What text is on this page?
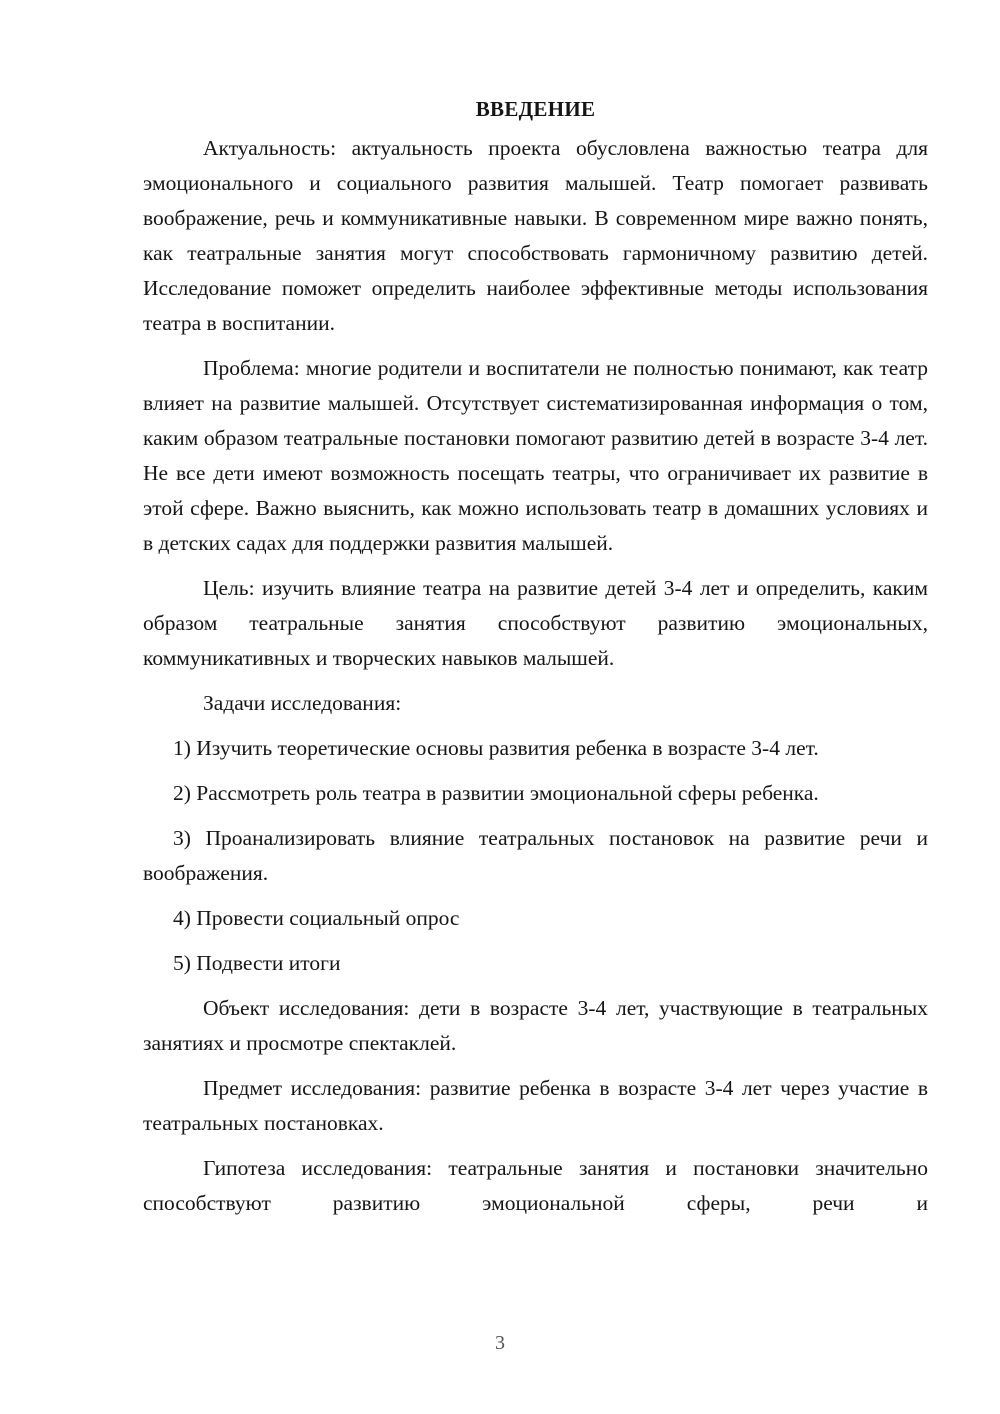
ВВЕДЕНИЕ

Актуальность: актуальность проекта обусловлена важностью театра для эмоционального и социального развития малышей. Театр помогает развивать воображение, речь и коммуникативные навыки. В современном мире важно понять, как театральные занятия могут способствовать гармоничному развитию детей. Исследование поможет определить наиболее эффективные методы использования театра в воспитании.

Проблема: многие родители и воспитатели не полностью понимают, как театр влияет на развитие малышей. Отсутствует систематизированная информация о том, каким образом театральные постановки помогают развитию детей в возрасте 3-4 лет. Не все дети имеют возможность посещать театры, что ограничивает их развитие в этой сфере. Важно выяснить, как можно использовать театр в домашних условиях и в детских садах для поддержки развития малышей.

Цель: изучить влияние театра на развитие детей 3-4 лет и определить, каким образом театральные занятия способствуют развитию эмоциональных, коммуникативных и творческих навыков малышей.

Задачи исследования:

1) Изучить теоретические основы развития ребенка в возрасте 3-4 лет.

2) Рассмотреть роль театра в развитии эмоциональной сферы ребенка.

3) Проанализировать влияние театральных постановок на развитие речи и воображения.

4) Провести социальный опрос

5) Подвести итоги

Объект исследования: дети в возрасте 3-4 лет, участвующие в театральных занятиях и просмотре спектаклей.

Предмет исследования: развитие ребенка в возрасте 3-4 лет через участие в театральных постановках.

Гипотеза исследования: театральные занятия и постановки значительно способствуют развитию эмоциональной сферы, речи и

3
